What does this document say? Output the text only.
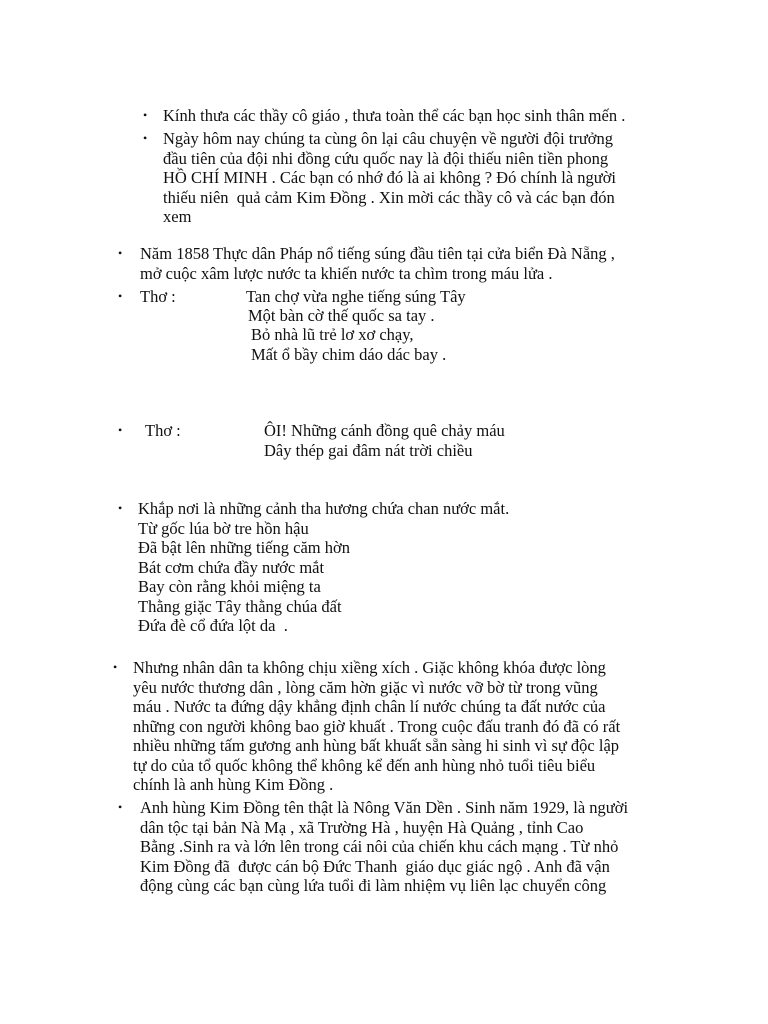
• Kính thưa các thầy cô giáo , thưa toàn thể các bạn học sinh thân mến .
• Ngày hôm nay chúng ta cùng ôn lại câu chuyện về người đội trưởng
đầu tiên của đội nhi đồng cứu quốc nay là đội thiếu niên tiền phong
HỒ CHÍ MINH . Các bạn có nhớ đó là ai không ? Đó chính là người
thiếu niên  quả cảm Kim Đồng . Xin mời các thầy cô và các bạn đón
xem
• Năm 1858 Thực dân Pháp nổ tiếng súng đầu tiên tại cửa biển Đà Nẵng ,
mở cuộc xâm lược nước ta khiến nước ta chìm trong máu lửa .
• Thơ :	Tan chợ vừa nghe tiếng súng Tây
Một bàn cờ thế quốc sa tay .
Bỏ nhà lũ trẻ lơ xơ chạy,
Mất ổ bầy chim dáo dác bay .
• Thơ :	ÔI! Những cánh đồng quê chảy máu
Dây thép gai đâm nát trời chiều
• Khắp nơi là những cảnh tha hương chứa chan nước mắt.
Từ gốc lúa bờ tre hồn hậu
Đã bật lên những tiếng căm hờn
Bát cơm chứa đầy nước mắt
Bay còn rằng khỏi miệng ta
Thằng giặc Tây thằng chúa đất
Đứa đè cổ đứa lột da  .
• Nhưng nhân dân ta không chịu xiềng xích . Giặc không khóa được lòng
yêu nước thương dân , lòng căm hờn giặc vì nước vỡ bờ từ trong vũng
máu . Nước ta đứng dậy khẳng định chân lí nước chúng ta đất nước của
những con người không bao giờ khuất . Trong cuộc đấu tranh đó đã có rất
nhiều những tấm gương anh hùng bất khuất sẵn sàng hi sinh vì sự độc lập
tự do của tổ quốc không thể không kể đến anh hùng nhỏ tuổi tiêu biểu
chính là anh hùng Kim Đồng .
• Anh hùng Kim Đồng tên thật là Nông Văn Dền . Sinh năm 1929, là người
dân tộc tại bản Nà Mạ , xã Trường Hà , huyện Hà Quảng , tỉnh Cao
Bằng .Sinh ra và lớn lên trong cái nôi của chiến khu cách mạng . Từ nhỏ
Kim Đồng đã  được cán bộ Đức Thanh  giáo dục giác ngộ . Anh đã vận
động cùng các bạn cùng lứa tuổi đi làm nhiệm vụ liên lạc chuyển công
